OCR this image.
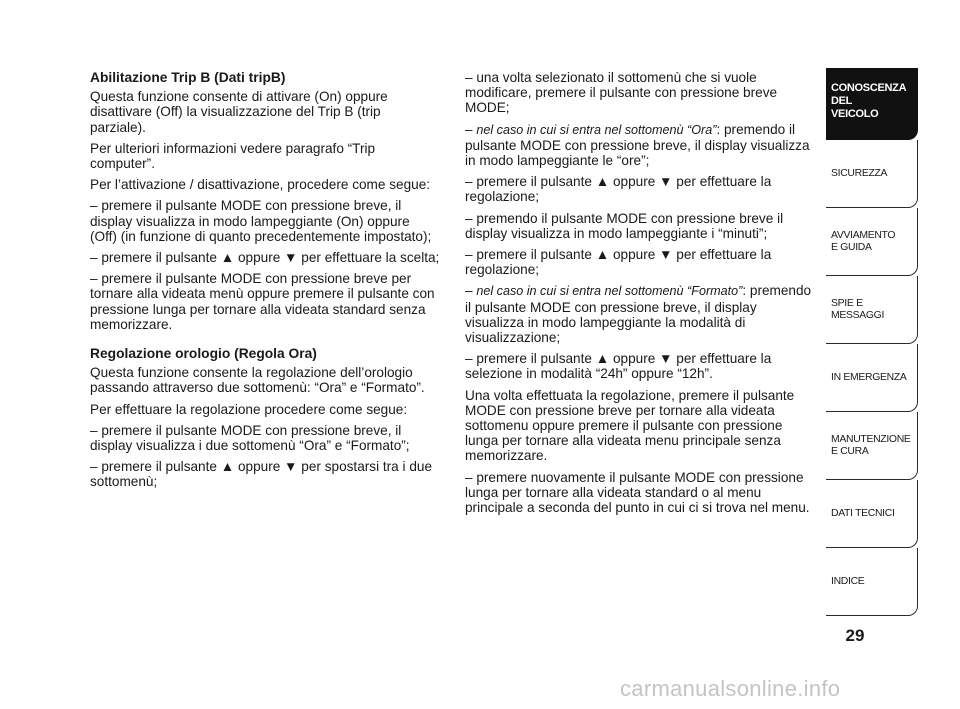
Abilitazione Trip B (Dati tripB)

Questa funzione consente di attivare (On) oppure disattivare (Off) la visualizzazione del Trip B (trip parziale).

Per ulteriori informazioni vedere paragrafo “Trip computer”.

Per l’attivazione / disattivazione, procedere come segue:

– premere il pulsante MODE con pressione breve, il display visualizza in modo lampeggiante (On) oppure (Off) (in funzione di quanto precedentemente impostato);

– premere il pulsante ▲ oppure ▼ per effettuare la scelta;

– premere il pulsante MODE con pressione breve per tornare alla videata menù oppure premere il pulsante con pressione lunga per tornare alla videata standard senza memorizzare.

Regolazione orologio (Regola Ora)

Questa funzione consente la regolazione dell’orologio passando attraverso due sottomenù: “Ora” e “Formato”.

Per effettuare la regolazione procedere come segue:

– premere il pulsante MODE con pressione breve, il display visualizza i due sottomenù “Ora” e “Formato”;

– premere il pulsante ▲ oppure ▼ per spostarsi tra i due sottomenù;

– una volta selezionato il sottomenù che si vuole modificare, premere il pulsante con pressione breve MODE;

– nel caso in cui si entra nel sottomenù “Ora”: premendo il pulsante MODE con pressione breve, il display visualizza in modo lampeggiante le “ore”;

– premere il pulsante ▲ oppure ▼ per effettuare la regolazione;

– premendo il pulsante MODE con pressione breve il display visualizza in modo lampeggiante i “minuti”;

– premere il pulsante ▲ oppure ▼ per effettuare la regolazione;

– nel caso in cui si entra nel sottomenù “Formato”: premendo il pulsante MODE con pressione breve, il display visualizza in modo lampeggiante la modalità di visualizzazione;

– premere il pulsante ▲ oppure ▼ per effettuare la selezione in modalità “24h” oppure “12h”.

Una volta effettuata la regolazione, premere il pulsante MODE con pressione breve per tornare alla videata sottomenu oppure premere il pulsante con pressione lunga per tornare alla videata menu principale senza memorizzare.

– premere nuovamente il pulsante MODE con pressione lunga per tornare alla videata standard o al menu principale a seconda del punto in cui ci si trova nel menu.

CONOSCENZA
DEL
VEICOLO
SICUREZZA
AVVIAMENTO
E GUIDA
SPIE E
MESSAGGI
IN EMERGENZA
MANUTENZIONE
E CURA
DATI TECNICI
INDICE
29
carmanualsonline.info
